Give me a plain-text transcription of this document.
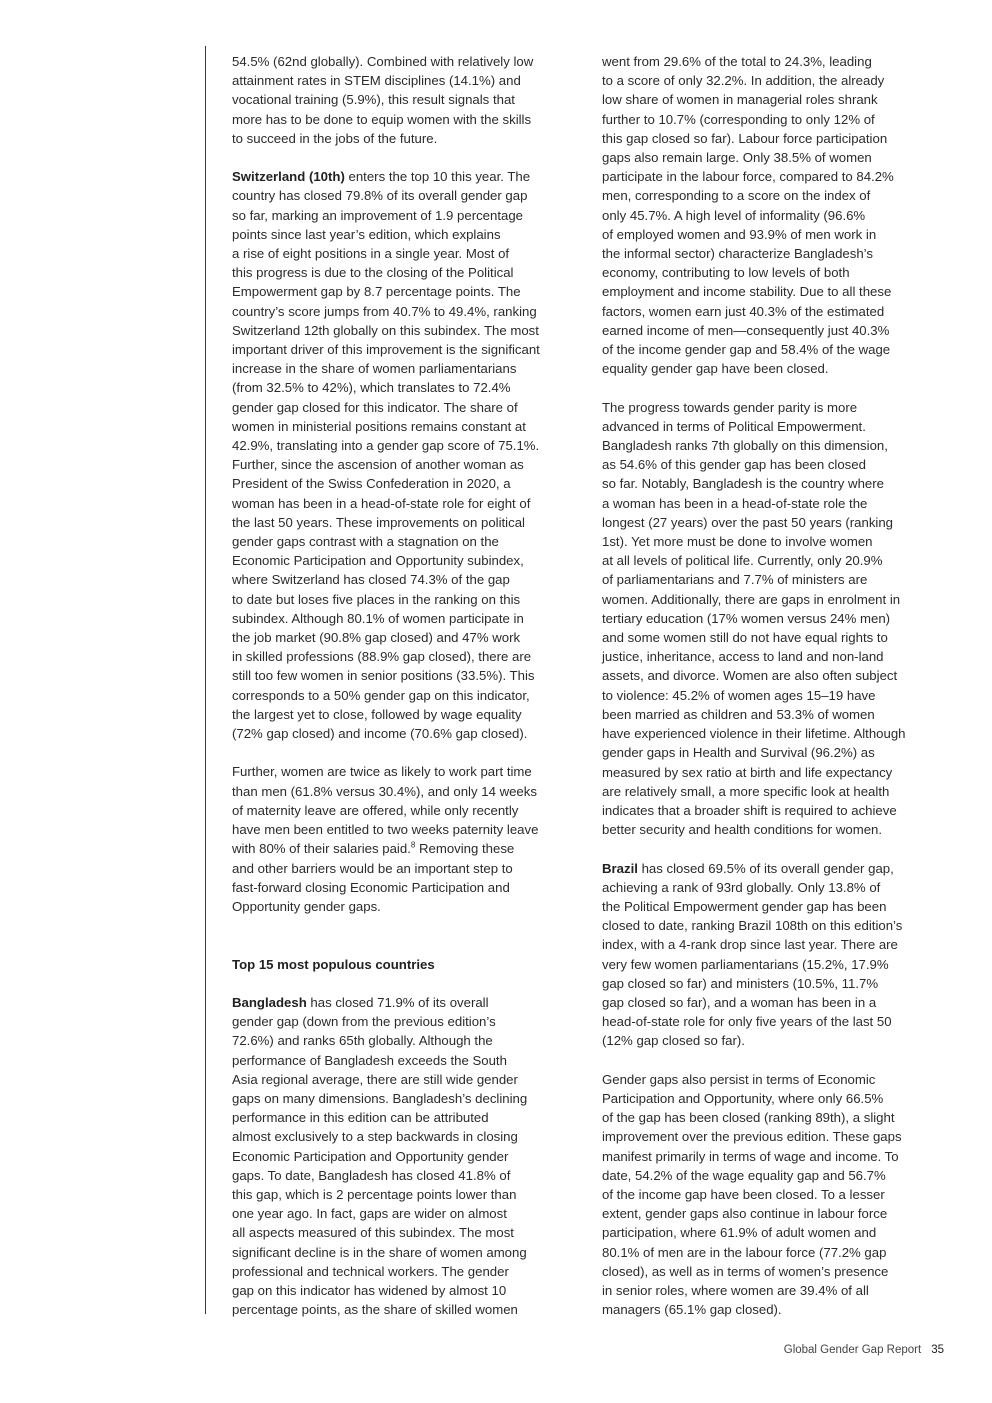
54.5% (62nd globally). Combined with relatively low
attainment rates in STEM disciplines (14.1%) and
vocational training (5.9%), this result signals that
more has to be done to equip women with the skills
to succeed in the jobs of the future.

Switzerland (10th) enters the top 10 this year. The
country has closed 79.8% of its overall gender gap
so far, marking an improvement of 1.9 percentage
points since last year’s edition, which explains
a rise of eight positions in a single year. Most of
this progress is due to the closing of the Political
Empowerment gap by 8.7 percentage points. The
country’s score jumps from 40.7% to 49.4%, ranking
Switzerland 12th globally on this subindex. The most
important driver of this improvement is the significant
increase in the share of women parliamentarians
(from 32.5% to 42%), which translates to 72.4%
gender gap closed for this indicator. The share of
women in ministerial positions remains constant at
42.9%, translating into a gender gap score of 75.1%.
Further, since the ascension of another woman as
President of the Swiss Confederation in 2020, a
woman has been in a head-of-state role for eight of
the last 50 years. These improvements on political
gender gaps contrast with a stagnation on the
Economic Participation and Opportunity subindex,
where Switzerland has closed 74.3% of the gap
to date but loses five places in the ranking on this
subindex. Although 80.1% of women participate in
the job market (90.8% gap closed) and 47% work
in skilled professions (88.9% gap closed), there are
still too few women in senior positions (33.5%). This
corresponds to a 50% gender gap on this indicator,
the largest yet to close, followed by wage equality
(72% gap closed) and income (70.6% gap closed).

Further, women are twice as likely to work part time
than men (61.8% versus 30.4%), and only 14 weeks
of maternity leave are offered, while only recently
have men been entitled to two weeks paternity leave
with 80% of their salaries paid.$^8$ Removing these
and other barriers would be an important step to
fast-forward closing Economic Participation and
Opportunity gender gaps.

Top 15 most populous countries

Bangladesh has closed 71.9% of its overall
gender gap (down from the previous edition’s
72.6%) and ranks 65th globally. Although the
performance of Bangladesh exceeds the South
Asia regional average, there are still wide gender
gaps on many dimensions. Bangladesh’s declining
performance in this edition can be attributed
almost exclusively to a step backwards in closing
Economic Participation and Opportunity gender
gaps. To date, Bangladesh has closed 41.8% of
this gap, which is 2 percentage points lower than
one year ago. In fact, gaps are wider on almost
all aspects measured of this subindex. The most
significant decline is in the share of women among
professional and technical workers. The gender
gap on this indicator has widened by almost 10
percentage points, as the share of skilled women

went from 29.6% of the total to 24.3%, leading
to a score of only 32.2%. In addition, the already
low share of women in managerial roles shrank
further to 10.7% (corresponding to only 12% of
this gap closed so far). Labour force participation
gaps also remain large. Only 38.5% of women
participate in the labour force, compared to 84.2%
men, corresponding to a score on the index of
only 45.7%. A high level of informality (96.6%
of employed women and 93.9% of men work in
the informal sector) characterize Bangladesh’s
economy, contributing to low levels of both
employment and income stability. Due to all these
factors, women earn just 40.3% of the estimated
earned income of men—consequently just 40.3%
of the income gender gap and 58.4% of the wage
equality gender gap have been closed.

The progress towards gender parity is more
advanced in terms of Political Empowerment.
Bangladesh ranks 7th globally on this dimension,
as 54.6% of this gender gap has been closed
so far. Notably, Bangladesh is the country where
a woman has been in a head-of-state role the
longest (27 years) over the past 50 years (ranking
1st). Yet more must be done to involve women
at all levels of political life. Currently, only 20.9%
of parliamentarians and 7.7% of ministers are
women. Additionally, there are gaps in enrolment in
tertiary education (17% women versus 24% men)
and some women still do not have equal rights to
justice, inheritance, access to land and non-land
assets, and divorce. Women are also often subject
to violence: 45.2% of women ages 15–19 have
been married as children and 53.3% of women
have experienced violence in their lifetime. Although
gender gaps in Health and Survival (96.2%) as
measured by sex ratio at birth and life expectancy
are relatively small, a more specific look at health
indicates that a broader shift is required to achieve
better security and health conditions for women.

Brazil has closed 69.5% of its overall gender gap,
achieving a rank of 93rd globally. Only 13.8% of
the Political Empowerment gender gap has been
closed to date, ranking Brazil 108th on this edition’s
index, with a 4-rank drop since last year. There are
very few women parliamentarians (15.2%, 17.9%
gap closed so far) and ministers (10.5%, 11.7%
gap closed so far), and a woman has been in a
head-of-state role for only five years of the last 50
(12% gap closed so far).

Gender gaps also persist in terms of Economic
Participation and Opportunity, where only 66.5%
of the gap has been closed (ranking 89th), a slight
improvement over the previous edition. These gaps
manifest primarily in terms of wage and income. To
date, 54.2% of the wage equality gap and 56.7%
of the income gap have been closed. To a lesser
extent, gender gaps also continue in labour force
participation, where 61.9% of adult women and
80.1% of men are in the labour force (77.2% gap
closed), as well as in terms of women’s presence
in senior roles, where women are 39.4% of all
managers (65.1% gap closed).

Global Gender Gap Report 35
